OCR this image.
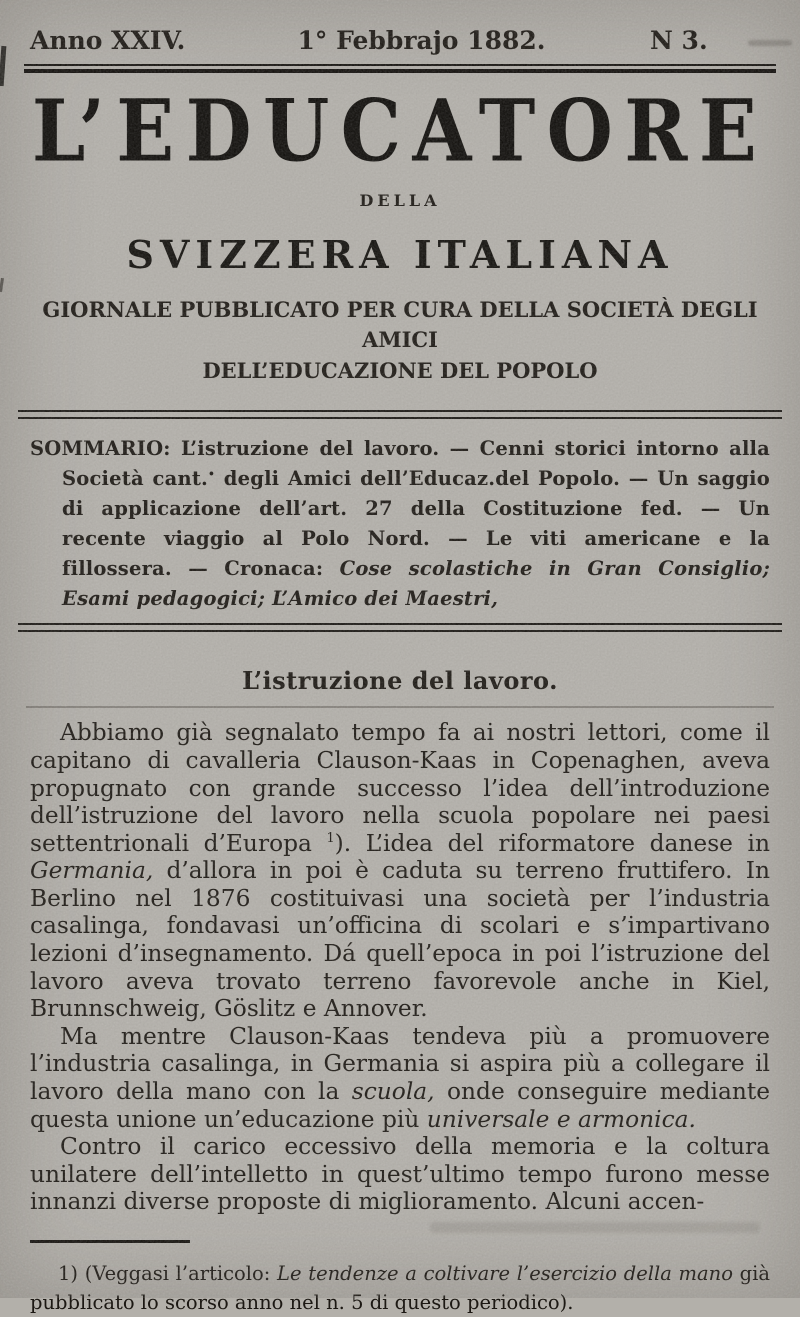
Anno XXIV.	1° Febbrajo 1882.	N 3.
L’EDUCATORE
DELLA
SVIZZERA ITALIANA
GIORNALE PUBBLICATO PER CURA DELLA SOCIETÀ DEGLI AMICI
DELL’EDUCAZIONE DEL POPOLO
SOMMARIO: L’istruzione del lavoro. — Cenni storici intorno alla Società cant.• degli Amici dell’Educaz.del Popolo. — Un saggio di applicazione dell’art. 27 della Costituzione fed. — Un recente viaggio al Polo Nord. — Le viti americane e la fillossera. — Cronaca: Cose scolastiche in Gran Consiglio; Esami pedagogici; L’Amico dei Maestri,
L’istruzione del lavoro.

Abbiamo già segnalato tempo fa ai nostri lettori, come il capitano di cavalleria Clauson-Kaas in Copenaghen, aveva propugnato con grande successo l’idea dell’introduzione dell’istruzione del lavoro nella scuola popolare nei paesi settentrionali d’Europa $^1$). L’idea del riformatore danese in Germania, d’allora in poi è caduta su terreno fruttifero. In Berlino nel 1876 costituivasi una società per l’industria casalinga, fondavasi un’officina di scolari e s’impartivano lezioni d’insegnamento. Dá quell’epoca in poi l’istruzione del lavoro aveva trovato terreno favorevole anche in Kiel, Brunnschweig, Göslitz e Annover.

Ma mentre Clauson-Kaas tendeva più a promuovere l’industria casalinga, in Germania si aspira più a collegare il lavoro della mano con la scuola, onde conseguire mediante questa unione un’educazione più universale e armonica.

Contro il carico eccessivo della memoria e la coltura unilatere dell’intelletto in quest’ultimo tempo furono messe innanzi diverse proposte di miglioramento. Alcuni accen-

1) (Veggasi l’articolo: Le tendenze a coltivare l’esercizio della mano già pubblicato lo scorso anno nel n. 5 di questo periodico).
